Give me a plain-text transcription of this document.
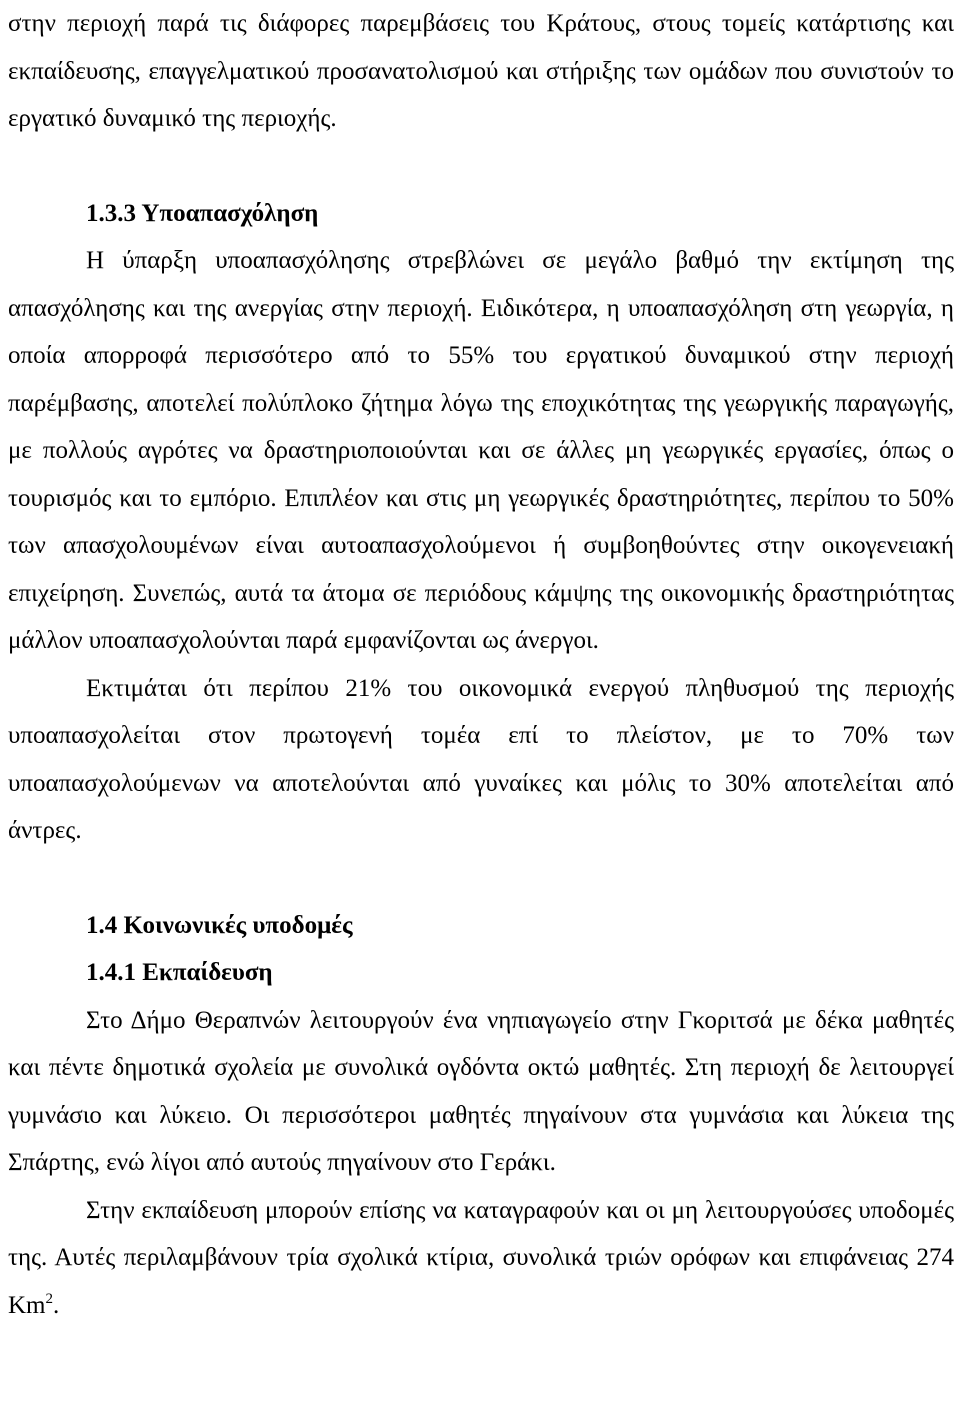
στην περιοχή παρά τις διάφορες παρεμβάσεις του Κράτους, στους τομείς κατάρτισης και εκπαίδευσης, επαγγελματικού προσανατολισμού και στήριξης των ομάδων που συνιστούν το εργατικό δυναμικό της περιοχής.

1.3.3 Υποαπασχόληση

Η ύπαρξη υποαπασχόλησης στρεβλώνει σε μεγάλο βαθμό την εκτίμηση της απασχόλησης και της ανεργίας στην περιοχή. Ειδικότερα, η υποαπασχόληση στη γεωργία, η οποία απορροφά περισσότερο από το 55% του εργατικού δυναμικού στην περιοχή παρέμβασης, αποτελεί πολύπλοκο ζήτημα λόγω της εποχικότητας της γεωργικής παραγωγής, με πολλούς αγρότες να δραστηριοποιούνται και σε άλλες μη γεωργικές εργασίες, όπως ο τουρισμός και το εμπόριο. Επιπλέον και στις μη γεωργικές δραστηριότητες, περίπου το 50% των απασχολουμένων είναι αυτοαπασχολούμενοι ή συμβοηθούντες στην οικογενειακή επιχείρηση. Συνεπώς, αυτά τα άτομα σε περιόδους κάμψης της οικονομικής δραστηριότητας μάλλον υποαπασχολούνται παρά εμφανίζονται ως άνεργοι.

Εκτιμάται ότι περίπου 21% του οικονομικά ενεργού πληθυσμού της περιοχής υποαπασχολείται στον πρωτογενή τομέα επί το πλείστον, με το 70% των υποαπασχολούμενων να αποτελούνται από γυναίκες και μόλις το 30% αποτελείται από άντρες.

1.4 Κοινωνικές υποδομές
1.4.1 Εκπαίδευση

Στο Δήμο Θεραπνών λειτουργούν ένα νηπιαγωγείο στην Γκοριτσά με δέκα μαθητές και πέντε δημοτικά σχολεία με συνολικά ογδόντα οκτώ μαθητές. Στη περιοχή δε λειτουργεί γυμνάσιο και λύκειο. Οι περισσότεροι μαθητές πηγαίνουν στα γυμνάσια και λύκεια της Σπάρτης, ενώ λίγοι από αυτούς πηγαίνουν στο Γεράκι.

Στην εκπαίδευση μπορούν επίσης να καταγραφούν και οι μη λειτουργούσες υποδομές της. Αυτές περιλαμβάνουν τρία σχολικά κτίρια, συνολικά τριών ορόφων και επιφάνειας 274 Km$^2$.
